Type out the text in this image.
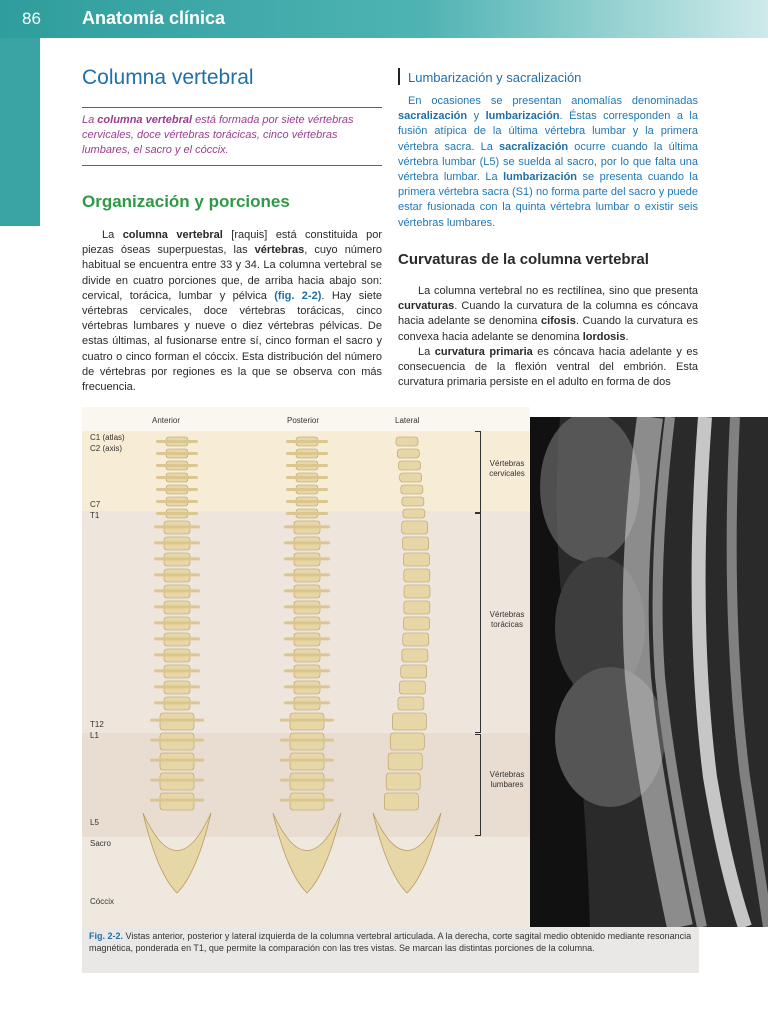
86 Anatomía clínica
Columna vertebral
La columna vertebral está formada por siete vértebras cervicales, doce vértebras torácicas, cinco vértebras lumbares, el sacro y el cóccix.
Organización y porciones

La columna vertebral [raquis] está constituida por piezas óseas superpuestas, las vértebras, cuyo número habitual se encuentra entre 33 y 34. La columna vertebral se divide en cuatro porciones que, de arriba hacia abajo son: cervical, torácica, lumbar y pélvica (fig. 2-2). Hay siete vértebras cervicales, doce vértebras torácicas, cinco vértebras lumbares y nueve o diez vértebras pélvicas. De estas últimas, al fusionarse entre sí, cinco forman el sacro y cuatro o cinco forman el cóccix. Esta distribución del número de vértebras por regiones es la que se observa con más frecuencia.

Lumbarización y sacralización
En ocasiones se presentan anomalías denominadas sacralización y lumbarización. Éstas corresponden a la fusión atípica de la última vértebra lumbar y la primera vértebra sacra. La sacralización ocurre cuando la última vértebra lumbar (L5) se suelda al sacro, por lo que falta una vértebra lumbar. La lumbarización se presenta cuando la primera vértebra sacra (S1) no forma parte del sacro y puede estar fusionada con la quinta vértebra lumbar o existir seis vértebras lumbares.
Curvaturas de la columna vertebral

La columna vertebral no es rectilínea, sino que presenta curvaturas. Cuando la curvatura de la columna es cóncava hacia adelante se denomina cifosis. Cuando la curvatura es convexa hacia adelante se denomina lordosis.

La curvatura primaria es cóncava hacia adelante y es consecuencia de la flexión ventral del embrión. Esta curvatura primaria persiste en el adulto en forma de dos

Anterior	Posterior	Lateral
C1 (atlas)
C2 (axis)
C7
T1
T12
L1
L5
Sacro
Cóccix
Vértebras cervicales
Vértebras torácicas
Vértebras lumbares
Fig. 2-2. Vistas anterior, posterior y lateral izquierda de la columna vertebral articulada. A la derecha, corte sagital medio obtenido mediante resonancia magnética, ponderada en T1, que permite la comparación con las tres vistas. Se marcan las distintas porciones de la columna.
